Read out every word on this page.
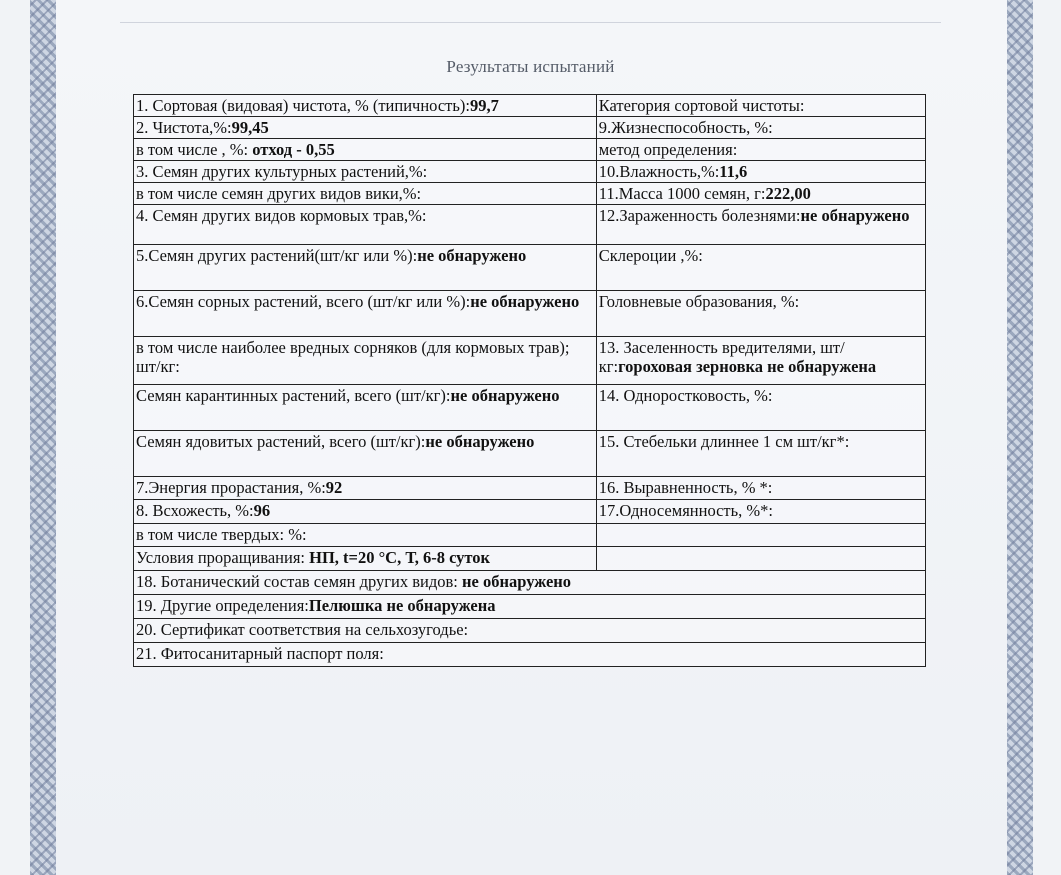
Результаты испытаний
1. Сортовая (видовая) чистота, % (типичность):99,7	Категория сортовой чистоты:
2. Чистота,%:99,45	9.Жизнеспособность, %:
в том числе , %: отход - 0,55	метод определения:
3. Семян других культурных растений,%:	10.Влажность,%:11,6
в том числе семян других видов вики,%:	11.Масса 1000 семян, г:222,00
4. Семян других видов кормовых трав,%:	12.Зараженность болезнями:не обнаружено
5.Семян других растений(шт/кг или %):не обнаружено	Склероции ,%:
6.Семян сорных растений, всего (шт/кг или %):не обнаружено	Головневые образования, %:
в том числе наиболее вредных сорняков (для кормовых трав); шт/кг:	13. Заселенность вредителями, шт/кг:гороховая зерновка не обнаружена
Семян карантинных растений, всего (шт/кг):не обнаружено	14. Одноростковость, %:
Семян ядовитых растений, всего (шт/кг):не обнаружено	15. Стебельки длиннее 1 см шт/кг*:
7.Энергия прорастания, %:92	16. Выравненность, % *:
8. Всхожесть, %:96	17.Односемянность, %*:
в том числе твердых: %:	
Условия проращивания: НП, t=20 °С, Т, 6-8 суток	
18. Ботанический состав семян других видов: не обнаружено	
19. Другие определения:Пелюшка не обнаружена	
20. Сертификат соответствия на сельхозугодье:	
21. Фитосанитарный паспорт поля:	
